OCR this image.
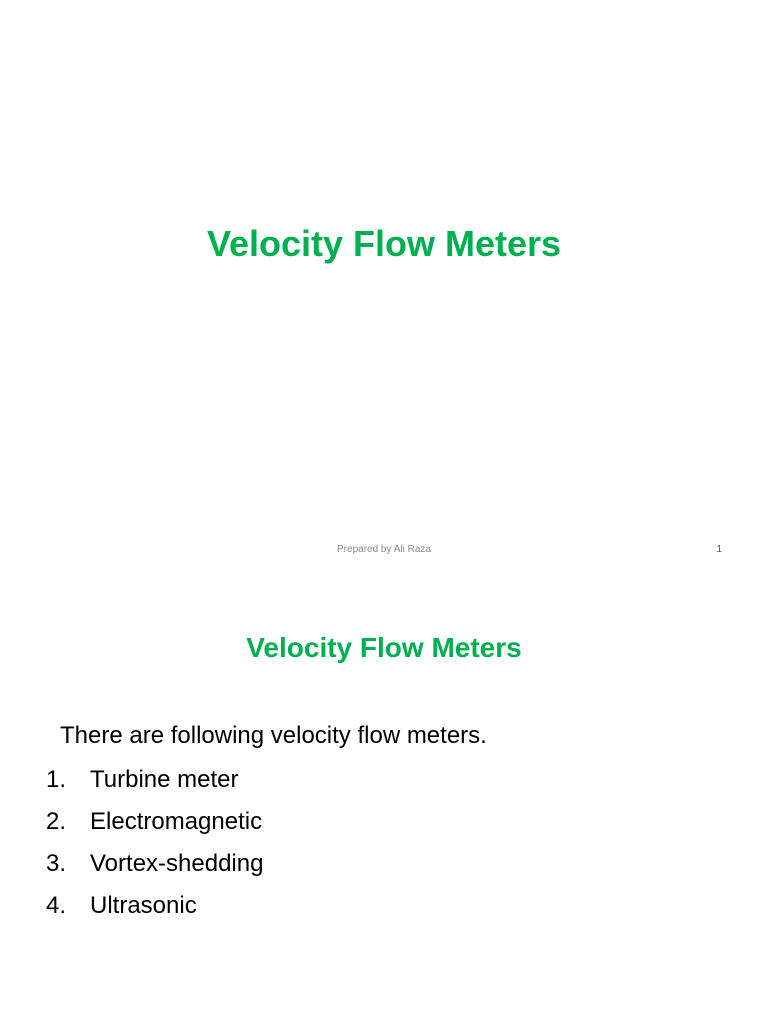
Velocity Flow Meters
Prepared by Ali Raza	1
Velocity Flow Meters

There are following velocity flow meters.

1. Turbine meter
2. Electromagnetic
3. Vortex-shedding
4. Ultrasonic
